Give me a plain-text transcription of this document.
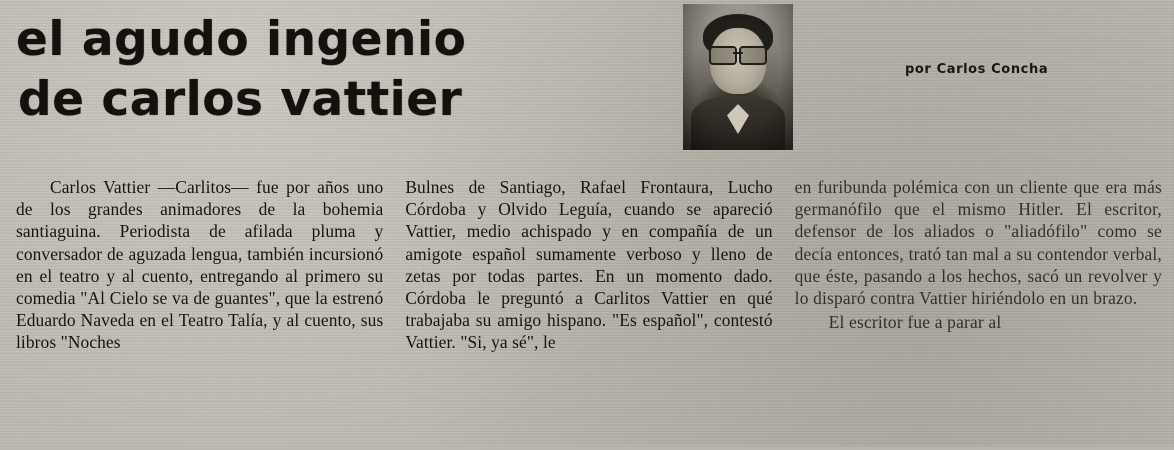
el agudo ingenio
de carlos vattier
por Carlos Concha

Carlos Vattier —Carlitos— fue por años uno de los grandes animadores de la bohemia santiaguina. Periodista de afilada pluma y conversador de aguzada lengua, también incursionó en el teatro y al cuento, entregando al primero su comedia "Al Cielo se va de guantes", que la estrenó Eduardo Naveda en el Teatro Talía, y al cuento, sus libros "Noches

Bulnes de Santiago, Rafael Frontaura, Lucho Córdoba y Olvido Leguía, cuando se apareció Vattier, medio achispado y en compañía de un amigote español sumamente verboso y lleno de zetas por todas partes. En un momento dado. Córdoba le preguntó a Carlitos Vattier en qué trabajaba su amigo hispano. "Es español", contestó Vattier. "Si, ya sé", le

en furibunda polémica con un cliente que era más germanófilo que el mismo Hitler. El escritor, defensor de los aliados o "aliadófilo" como se decía entonces, trató tan mal a su contendor verbal, que éste, pasando a los hechos, sacó un revolver y lo disparó contra Vattier hiriéndolo en un brazo.

El escritor fue a parar al
